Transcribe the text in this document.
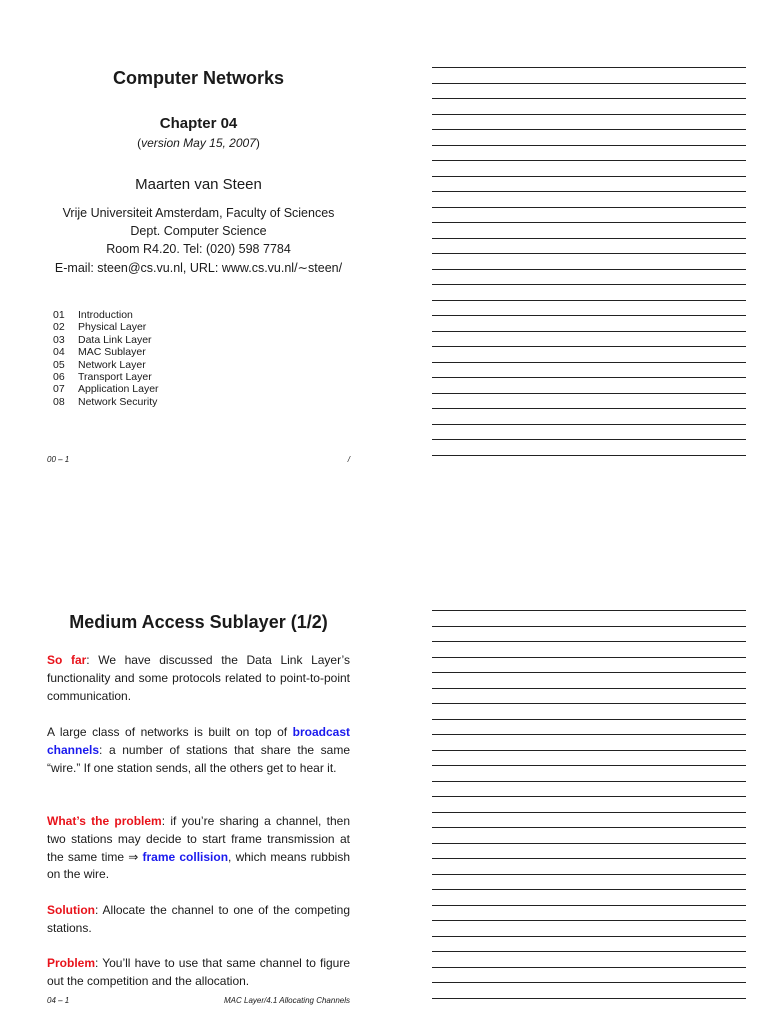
Computer Networks
Chapter 04
(version May 15, 2007)
Maarten van Steen
Vrije Universiteit Amsterdam, Faculty of Sciences
Dept. Computer Science
Room R4.20. Tel: (020) 598 7784
E-mail: steen@cs.vu.nl, URL: www.cs.vu.nl/∼steen/
01 Introduction
02 Physical Layer
03 Data Link Layer
04 MAC Sublayer
05 Network Layer
06 Transport Layer
07 Application Layer
08 Network Security
00 – 1	/
Medium Access Sublayer (1/2)
So far: We have discussed the Data Link Layer’s functionality and some protocols related to point-to-point communication.
A large class of networks is built on top of broadcast channels: a number of stations that share the same “wire.” If one station sends, all the others get to hear it.
What’s the problem: if you’re sharing a channel, then two stations may decide to start frame transmission at the same time ⇒ frame collision, which means rubbish on the wire.
Solution: Allocate the channel to one of the competing stations.
Problem: You’ll have to use that same channel to figure out the competition and the allocation.
04 – 1	MAC Layer/4.1 Allocating Channels
